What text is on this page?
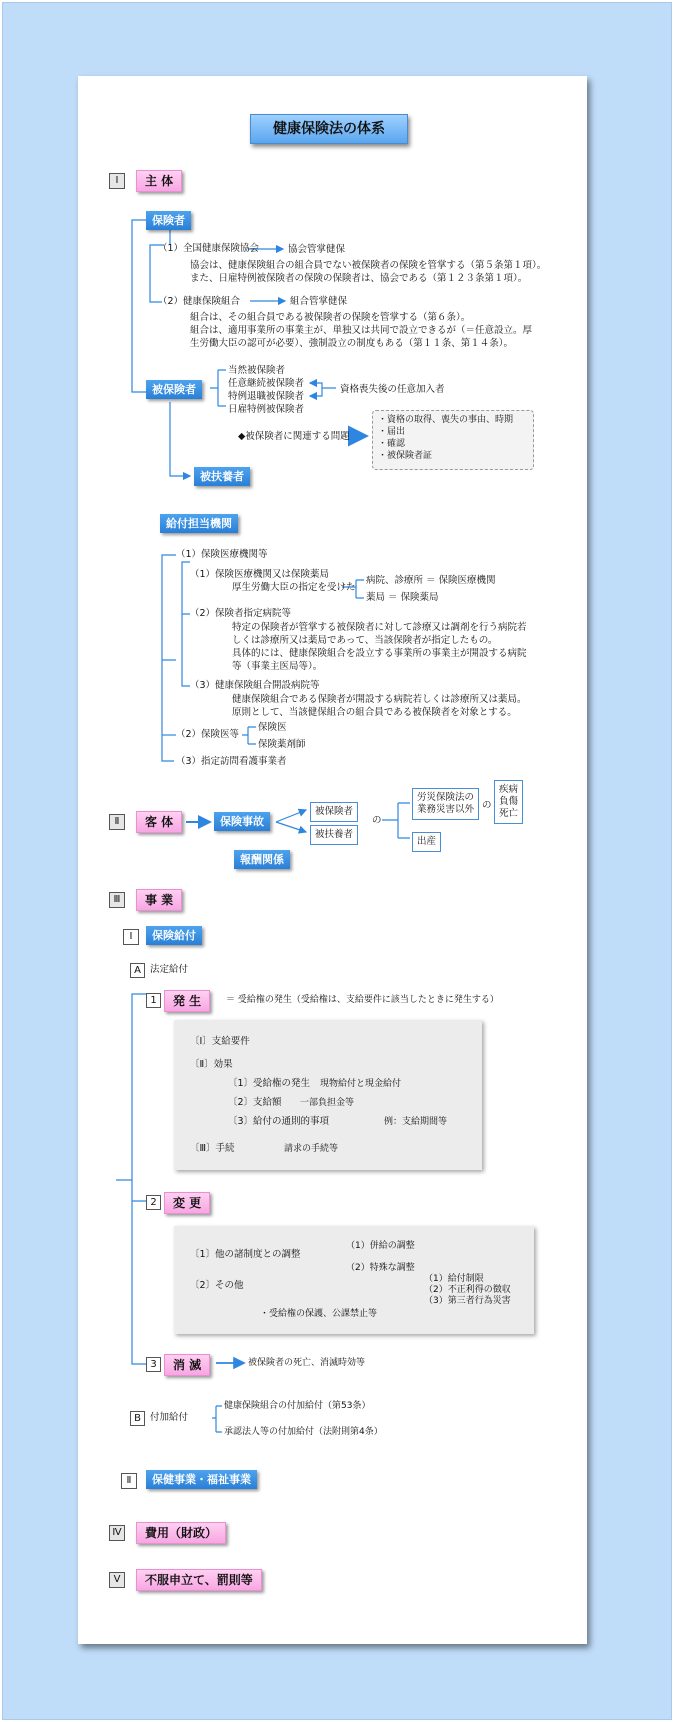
健康保険法の体系
Ⅰ	主 体
保険者
（1）全国健康保険協会	協会管掌健保
協会は、健康保険組合の組合員でない被保険者の保険を管掌する（第５条第１項）。
また、日雇特例被保険者の保険の保険者は、協会である（第１２３条第１項）。
（2）健康保険組合	組合管掌健保
組合は、その組合員である被保険者の保険を管掌する（第６条）。
組合は、適用事業所の事業主が、単独又は共同で設立できるが（＝任意設立。厚
生労働大臣の認可が必要）、強制設立の制度もある（第１１条、第１４条）。
被保険者
当然被保険者
任意継続被保険者
特例退職被保険者
日雇特例被保険者
資格喪失後の任意加入者
◆被保険者に関連する問題
・資格の取得、喪失の事由、時期
・届出
・確認
・被保険者証
被扶養者
給付担当機関
（1）保険医療機関等
（1）保険医療機関又は保険薬局
厚生労働大臣の指定を受けた
病院、診療所 ＝ 保険医療機関
薬局 ＝ 保険薬局
（2）保険者指定病院等
特定の保険者が管掌する被保険者に対して診療又は調剤を行う病院若
しくは診療所又は薬局であって、当該保険者が指定したもの。
具体的には、健康保険組合を設立する事業所の事業主が開設する病院
等（事業主医局等）。
（3）健康保険組合開設病院等
健康保険組合である保険者が開設する病院若しくは診療所又は薬局。
原則として、当該健保組合の組合員である被保険者を対象とする。
（2）保険医等
保険医
保険薬剤師
（3）指定訪問看護事業者
Ⅱ	客 体	保険事故
被保険者
被扶養者
の
労災保険法の
業務災害以外 の
疾病
負傷
死亡
出産
報酬関係
Ⅲ	事 業
Ⅰ	保険給付
A 法定給付
1	発 生	＝ 受給権の発生（受給権は、支給要件に該当したときに発生する）
〔Ⅰ〕支給要件
〔Ⅱ〕効果
〔1〕受給権の発生 現物給付と現金給付
〔2〕支給額 一部負担金等
〔3〕給付の通則的事項	例：支給期間等
〔Ⅲ〕手続	請求の手続等
2	変 更
〔1〕他の諸制度との調整
（1）併給の調整
（2）特殊な調整
（1）給付制限
（2）不正利得の徴収
（3）第三者行為災害
〔2〕その他
・受給権の保護、公課禁止等
3	消 滅	被保険者の死亡、消滅時効等
B 付加給付
健康保険組合の付加給付（第53条）
承認法人等の付加給付（法附則第4条）
Ⅱ	保健事業・福祉事業
Ⅳ	費用（財政）
Ⅴ	不服申立て、罰則等
